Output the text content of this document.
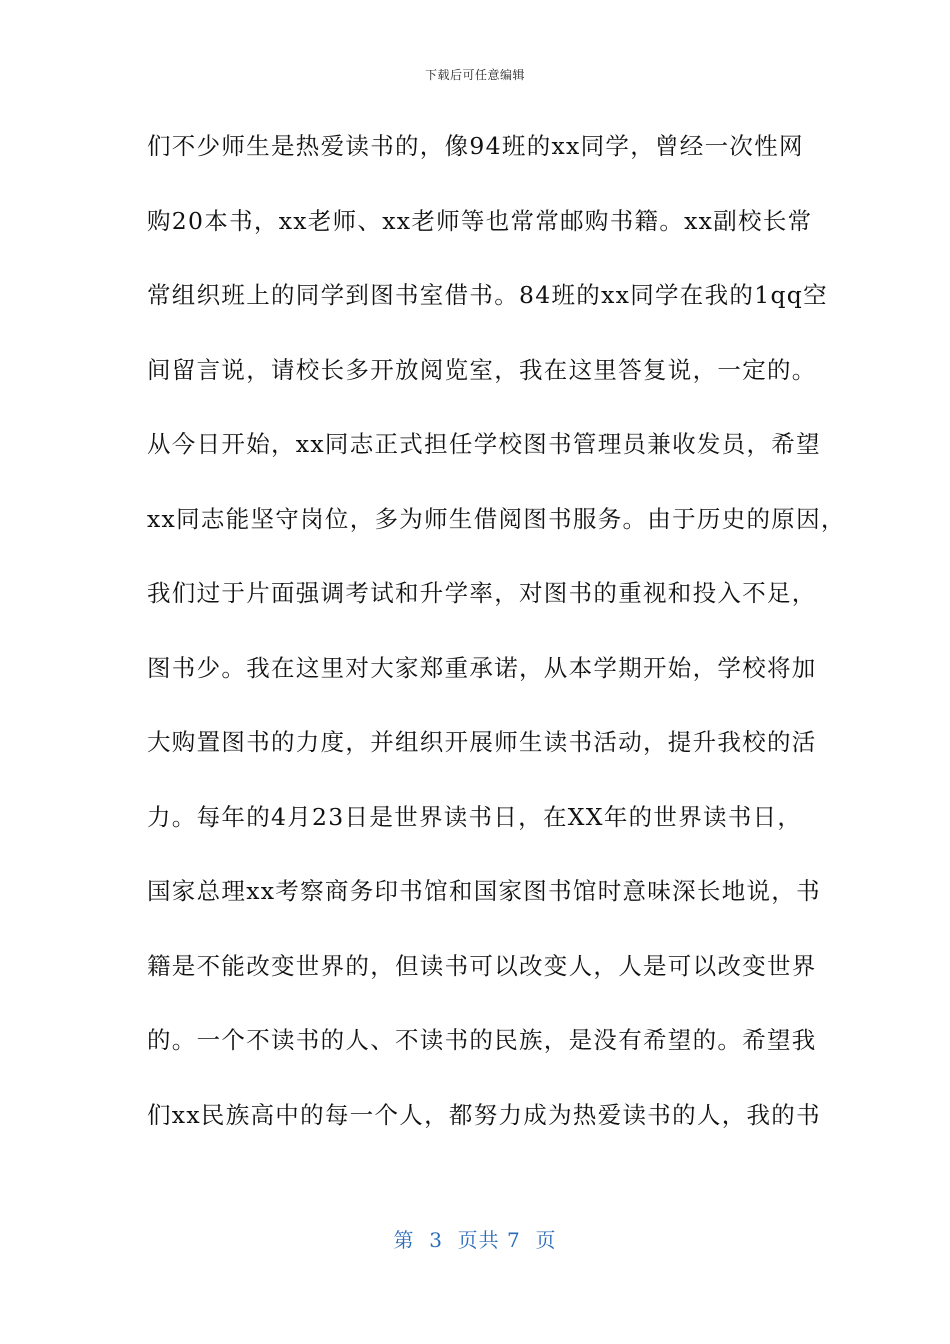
下载后可任意编辑
们不少师生是热爱读书的，像94班的xx同学，曾经一次性网
购20本书，xx老师、xx老师等也常常邮购书籍。xx副校长常
常组织班上的同学到图书室借书。84班的xx同学在我的1qq空
间留言说，请校长多开放阅览室，我在这里答复说，一定的。
从今日开始，xx同志正式担任学校图书管理员兼收发员，希望
xx同志能坚守岗位，多为师生借阅图书服务。由于历史的原因，
我们过于片面强调考试和升学率，对图书的重视和投入不足，
图书少。我在这里对大家郑重承诺，从本学期开始，学校将加
大购置图书的力度，并组织开展师生读书活动，提升我校的活
力。每年的4月23日是世界读书日，在XX年的世界读书日，
国家总理xx考察商务印书馆和国家图书馆时意味深长地说，书
籍是不能改变世界的，但读书可以改变人，人是可以改变世界
的。一个不读书的人、不读书的民族，是没有希望的。希望我
们xx民族高中的每一个人，都努力成为热爱读书的人，我的书
第  3  页共 7  页
